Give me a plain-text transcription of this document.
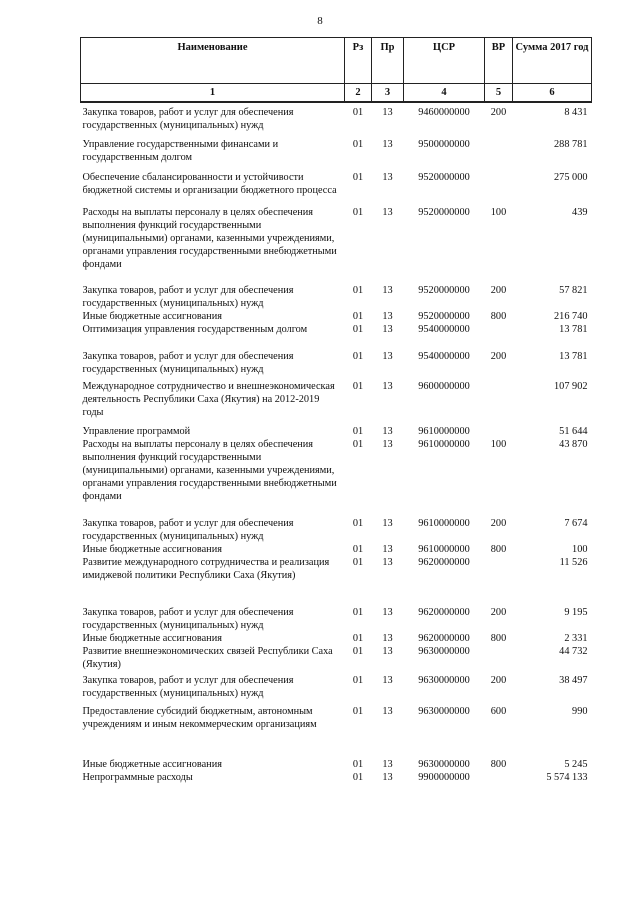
8
Наименование	Рз	Пр	ЦСР	ВР	Сумма 2017 год
1	2	3	4	5	6
Закупка товаров, работ и услуг для обеспечения государственных (муниципальных) нужд	01	13	9460000000	200	8 431
Управление государственными финансами и государственным долгом	01	13	9500000000		288 781
Обеспечение сбалансированности и устойчивости бюджетной системы и организации бюджетного процесса	01	13	9520000000		275 000
Расходы на выплаты персоналу в целях обеспечения выполнения функций государственными (муниципальными) органами, казенными учреждениями, органами управления государственными внебюджетными фондами	01	13	9520000000	100	439
Закупка товаров, работ и услуг для обеспечения государственных (муниципальных) нужд	01	13	9520000000	200	57 821
Иные бюджетные ассигнования	01	13	9520000000	800	216 740
Оптимизация управления государственным долгом	01	13	9540000000		13 781
Закупка товаров, работ и услуг для обеспечения государственных (муниципальных) нужд	01	13	9540000000	200	13 781
Международное сотрудничество и внешнеэкономическая деятельность Республики Саха (Якутия) на 2012-2019 годы	01	13	9600000000		107 902
Управление программой	01	13	9610000000		51 644
Расходы на выплаты персоналу в целях обеспечения выполнения функций государственными (муниципальными) органами, казенными учреждениями, органами управления государственными внебюджетными фондами	01	13	9610000000	100	43 870
Закупка товаров, работ и услуг для обеспечения государственных (муниципальных) нужд	01	13	9610000000	200	7 674
Иные бюджетные ассигнования	01	13	9610000000	800	100
Развитие международного сотрудничества и реализация имиджевой политики Республики Саха (Якутия)	01	13	9620000000		11 526
Закупка товаров, работ и услуг для обеспечения государственных (муниципальных) нужд	01	13	9620000000	200	9 195
Иные бюджетные ассигнования	01	13	9620000000	800	2 331
Развитие внешнеэкономических связей Республики Саха (Якутия)	01	13	9630000000		44 732
Закупка товаров, работ и услуг для обеспечения государственных (муниципальных) нужд	01	13	9630000000	200	38 497
Предоставление субсидий бюджетным, автономным учреждениям и иным некоммерческим организациям	01	13	9630000000	600	990
Иные бюджетные ассигнования	01	13	9630000000	800	5 245
Непрограммные расходы	01	13	9900000000		5 574 133
